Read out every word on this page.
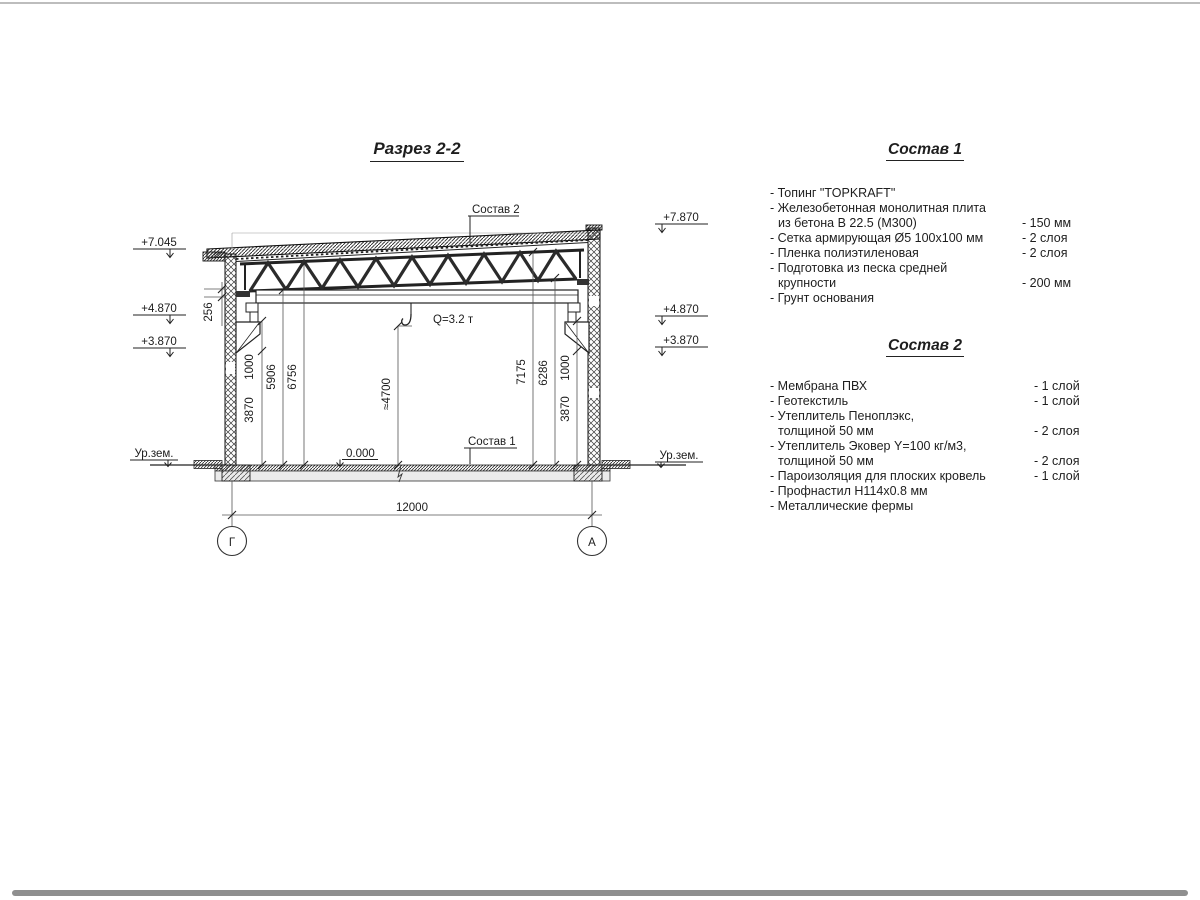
Разрез 2-2
Q=3.2 т
1000
3870
5906 6756
≈4700
7175 6286 1000
3870
256
12000
+7.045
+4.870
+3.870
Ур.зем.
+7.870
+4.870
+3.870
Ур.зем.
0.000
Состав 2
Состав 1
Г	А
Состав 1
- Топинг "TOPKRAFT"
- Железобетонная монолитная плита
из бетона В 22.5 (М300)	- 150 мм
- Сетка армирующая Ø5 100х100 мм	- 2 слоя
- Пленка полиэтиленовая	- 2 слоя
- Подготовка из песка средней
крупности	- 200 мм
- Грунт основания
Состав 2
- Мембрана ПВХ	- 1 слой
- Геотекстиль	- 1 слой
- Утеплитель Пеноплэкс,
толщиной 50 мм	- 2 слоя
- Утеплитель Эковер Y=100 кг/м3,
толщиной 50 мм	- 2 слоя
- Пароизоляция для плоских кровель	- 1 слой
- Профнастил Н114х0.8 мм
- Металлические фермы
